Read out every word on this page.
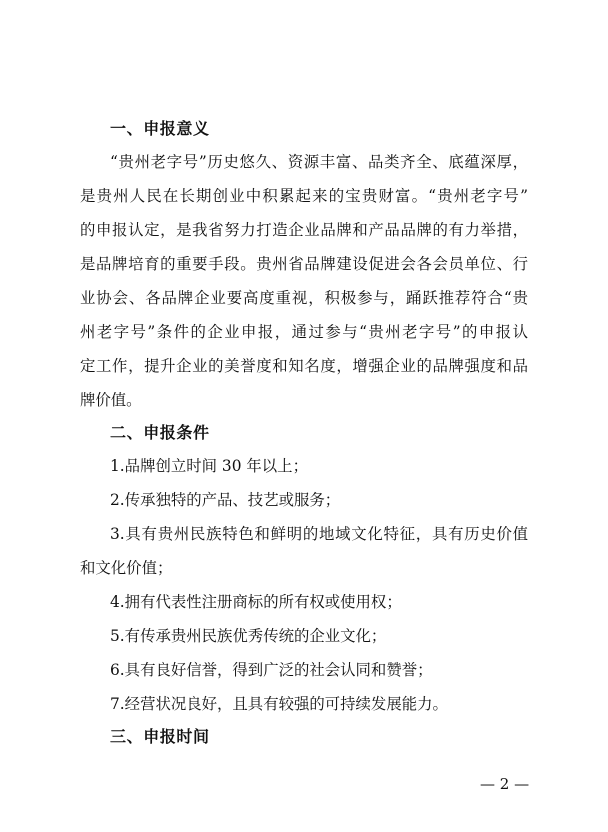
一、申报意义
“贵州老字号”历史悠久、资源丰富、品类齐全、底蕴深厚，
是贵州人民在长期创业中积累起来的宝贵财富。“贵州老字号”
的申报认定，是我省努力打造企业品牌和产品品牌的有力举措，
是品牌培育的重要手段。贵州省品牌建设促进会各会员单位、行
业协会、各品牌企业要高度重视，积极参与，踊跃推荐符合“贵
州老字号”条件的企业申报，通过参与“贵州老字号”的申报认
定工作，提升企业的美誉度和知名度，增强企业的品牌强度和品
牌价值。
二、申报条件
1.品牌创立时间 30 年以上；
2.传承独特的产品、技艺或服务；
3.具有贵州民族特色和鲜明的地域文化特征，具有历史价值
和文化价值；
4.拥有代表性注册商标的所有权或使用权；
5.有传承贵州民族优秀传统的企业文化；
6.具有良好信誉，得到广泛的社会认同和赞誉；
7.经营状况良好，且具有较强的可持续发展能力。
三、申报时间
— 2 —
